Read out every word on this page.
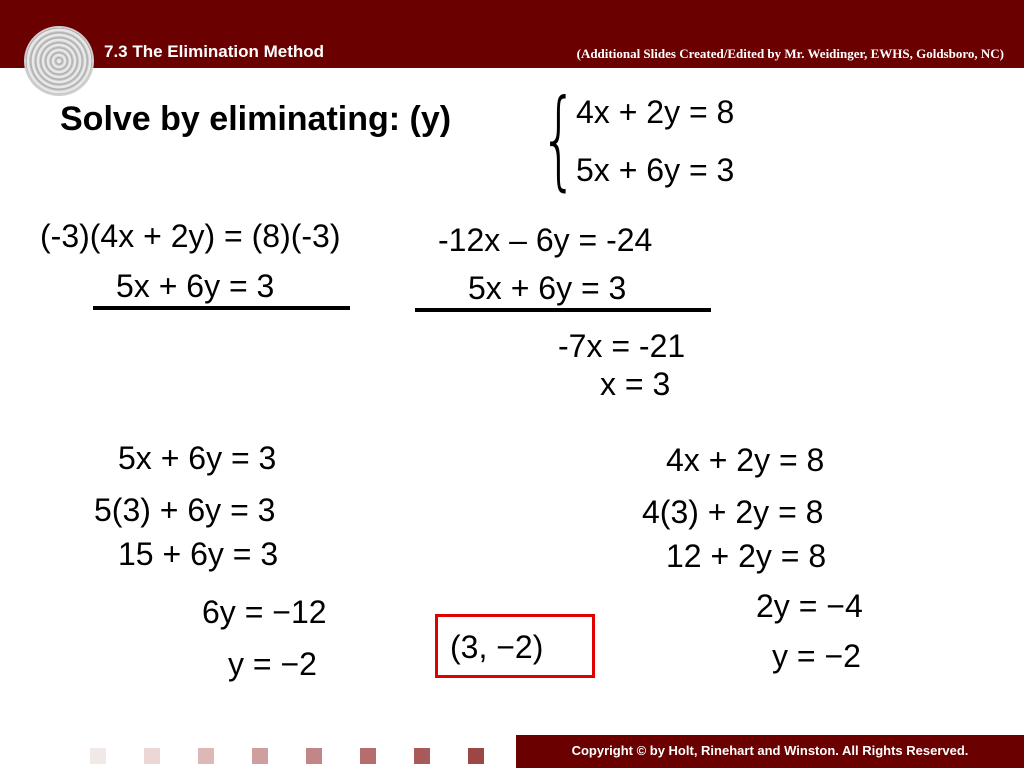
7.3 The Elimination Method	(Additional Slides Created/Edited by Mr. Weidinger, EWHS, Goldsboro, NC)
Solve by eliminating: (y) {
4x + 2y = 8
5x + 6y = 3
(-3)(4x + 2y) = (8)(-3)
5x + 6y = 3
-12x – 6y = -24
5x + 6y = 3
-7x = -21
x = 3
5x + 6y = 3
5(3) + 6y = 3
15 + 6y = 3
6y = −12
y = −2
4x + 2y = 8
4(3) + 2y = 8
12 + 2y = 8
2y = −4
y = −2
(3, −2)
Copyright © by Holt, Rinehart and Winston. All Rights Reserved.
